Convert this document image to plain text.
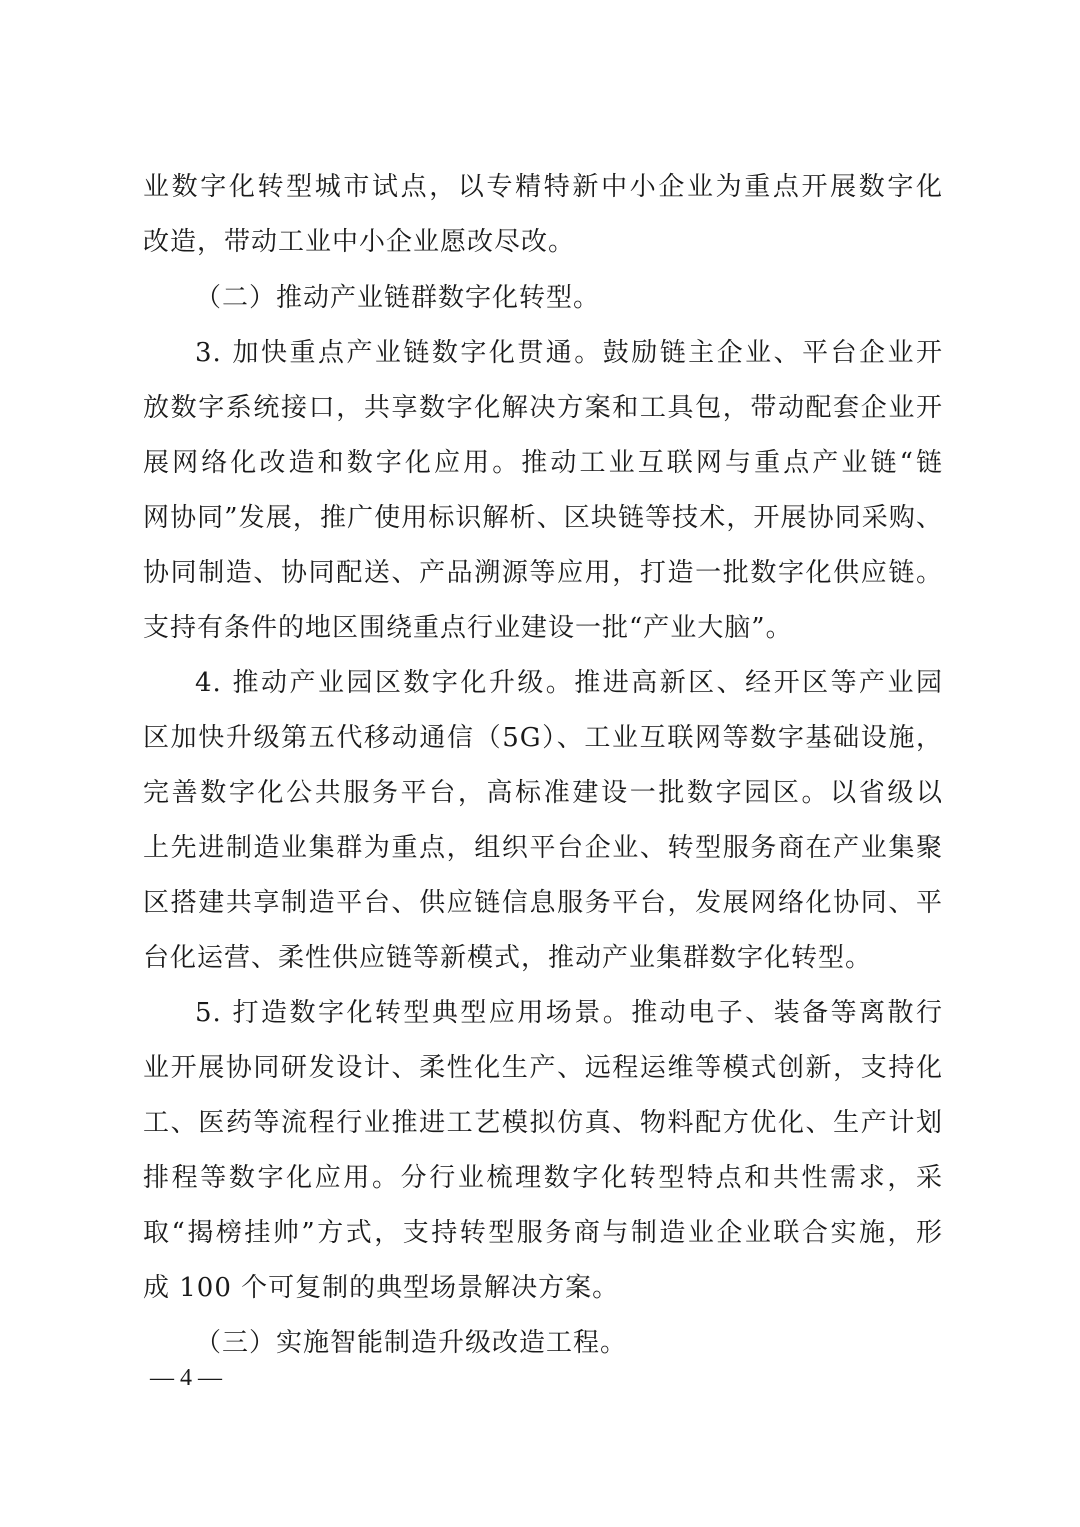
业数字化转型城市试点，以专精特新中小企业为重点开展数字化
改造，带动工业中小企业愿改尽改。
（二）推动产业链群数字化转型。
3. 加快重点产业链数字化贯通。鼓励链主企业、平台企业开
放数字系统接口，共享数字化解决方案和工具包，带动配套企业开
展网络化改造和数字化应用。推动工业互联网与重点产业链“链
网协同”发展，推广使用标识解析、区块链等技术，开展协同采购、
协同制造、协同配送、产品溯源等应用，打造一批数字化供应链。
支持有条件的地区围绕重点行业建设一批“产业大脑”。
4. 推动产业园区数字化升级。推进高新区、经开区等产业园
区加快升级第五代移动通信（5G）、工业互联网等数字基础设施，
完善数字化公共服务平台，高标准建设一批数字园区。以省级以
上先进制造业集群为重点，组织平台企业、转型服务商在产业集聚
区搭建共享制造平台、供应链信息服务平台，发展网络化协同、平
台化运营、柔性供应链等新模式，推动产业集群数字化转型。
5. 打造数字化转型典型应用场景。推动电子、装备等离散行
业开展协同研发设计、柔性化生产、远程运维等模式创新，支持化
工、医药等流程行业推进工艺模拟仿真、物料配方优化、生产计划
排程等数字化应用。分行业梳理数字化转型特点和共性需求，采
取“揭榜挂帅”方式，支持转型服务商与制造业企业联合实施，形
成 100 个可复制的典型场景解决方案。
（三）实施智能制造升级改造工程。
— 4 —
